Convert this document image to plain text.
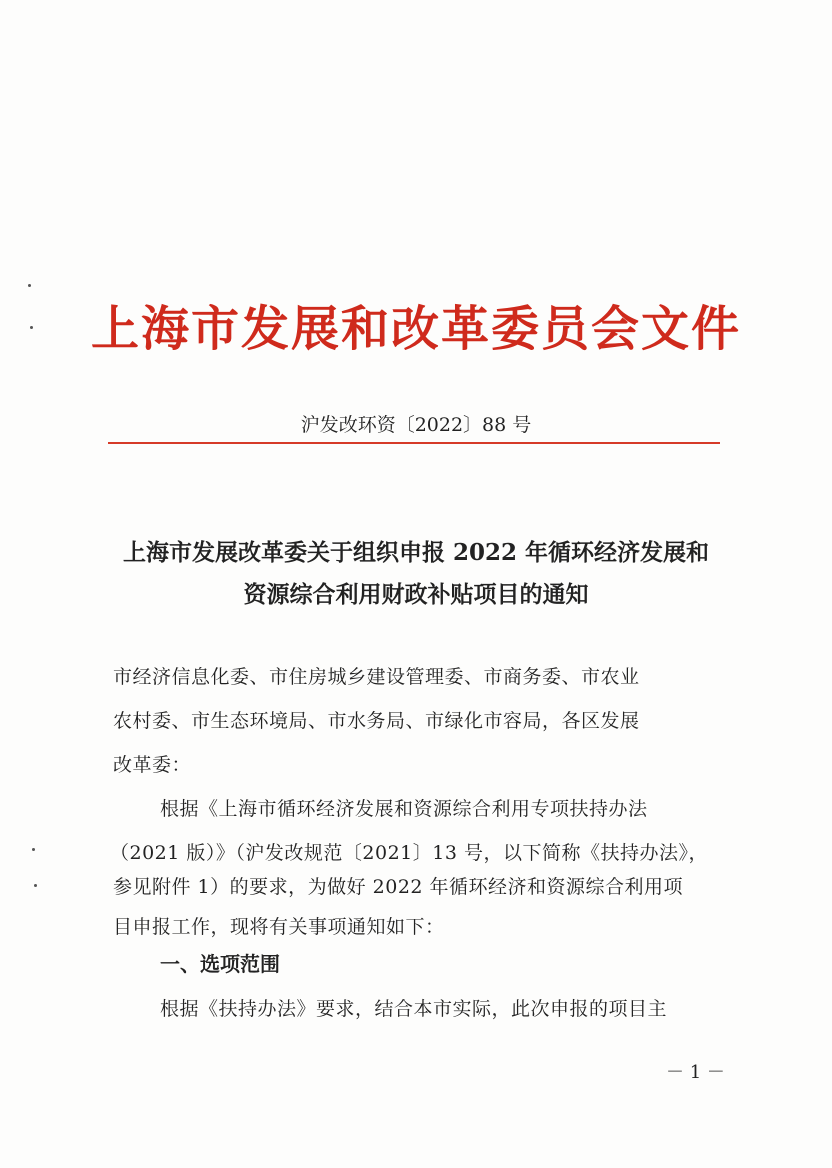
上海市发展和改革委员会文件
沪发改环资〔2022〕88 号
上海市发展改革委关于组织申报 2022 年循环经济发展和
资源综合利用财政补贴项目的通知
市经济信息化委、市住房城乡建设管理委、市商务委、市农业
农村委、市生态环境局、市水务局、市绿化市容局，各区发展
改革委：
根据《上海市循环经济发展和资源综合利用专项扶持办法
（2021 版）》（沪发改规范〔2021〕13 号，以下简称《扶持办法》，
参见附件 1）的要求，为做好 2022 年循环经济和资源综合利用项
目申报工作，现将有关事项通知如下：
一、选项范围
根据《扶持办法》要求，结合本市实际，此次申报的项目主
－ 1 －
